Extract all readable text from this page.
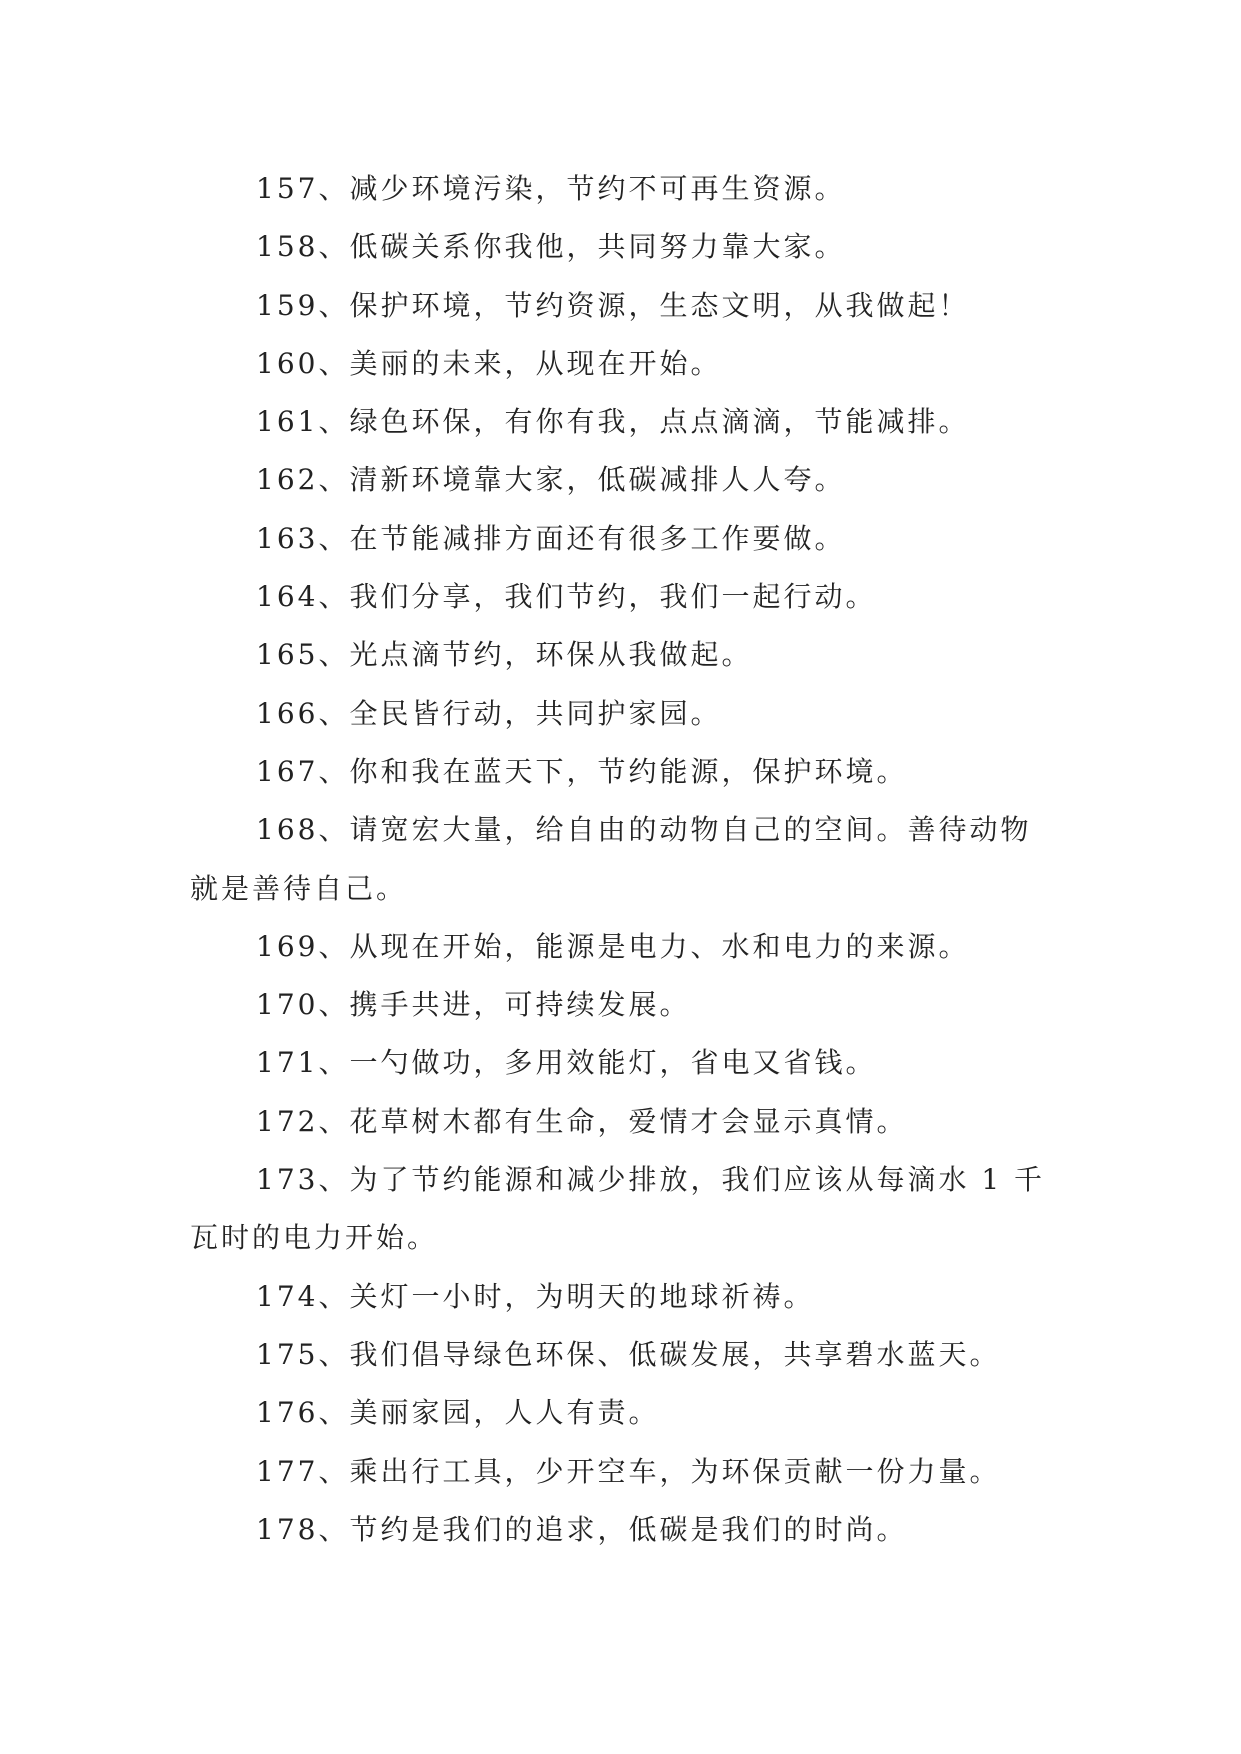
157、减少环境污染，节约不可再生资源。

158、低碳关系你我他，共同努力靠大家。

159、保护环境，节约资源，生态文明，从我做起！

160、美丽的未来，从现在开始。

161、绿色环保，有你有我，点点滴滴，节能减排。

162、清新环境靠大家，低碳减排人人夸。

163、在节能减排方面还有很多工作要做。

164、我们分享，我们节约，我们一起行动。

165、光点滴节约，环保从我做起。

166、全民皆行动，共同护家园。

167、你和我在蓝天下，节约能源，保护环境。

168、请宽宏大量，给自由的动物自己的空间。善待动物就是善待自己。

169、从现在开始，能源是电力、水和电力的来源。

170、携手共进，可持续发展。

171、一勺做功，多用效能灯，省电又省钱。

172、花草树木都有生命，爱情才会显示真情。

173、为了节约能源和减少排放，我们应该从每滴水 1 千瓦时的电力开始。

174、关灯一小时，为明天的地球祈祷。

175、我们倡导绿色环保、低碳发展，共享碧水蓝天。

176、美丽家园，人人有责。

177、乘出行工具，少开空车，为环保贡献一份力量。

178、节约是我们的追求，低碳是我们的时尚。
